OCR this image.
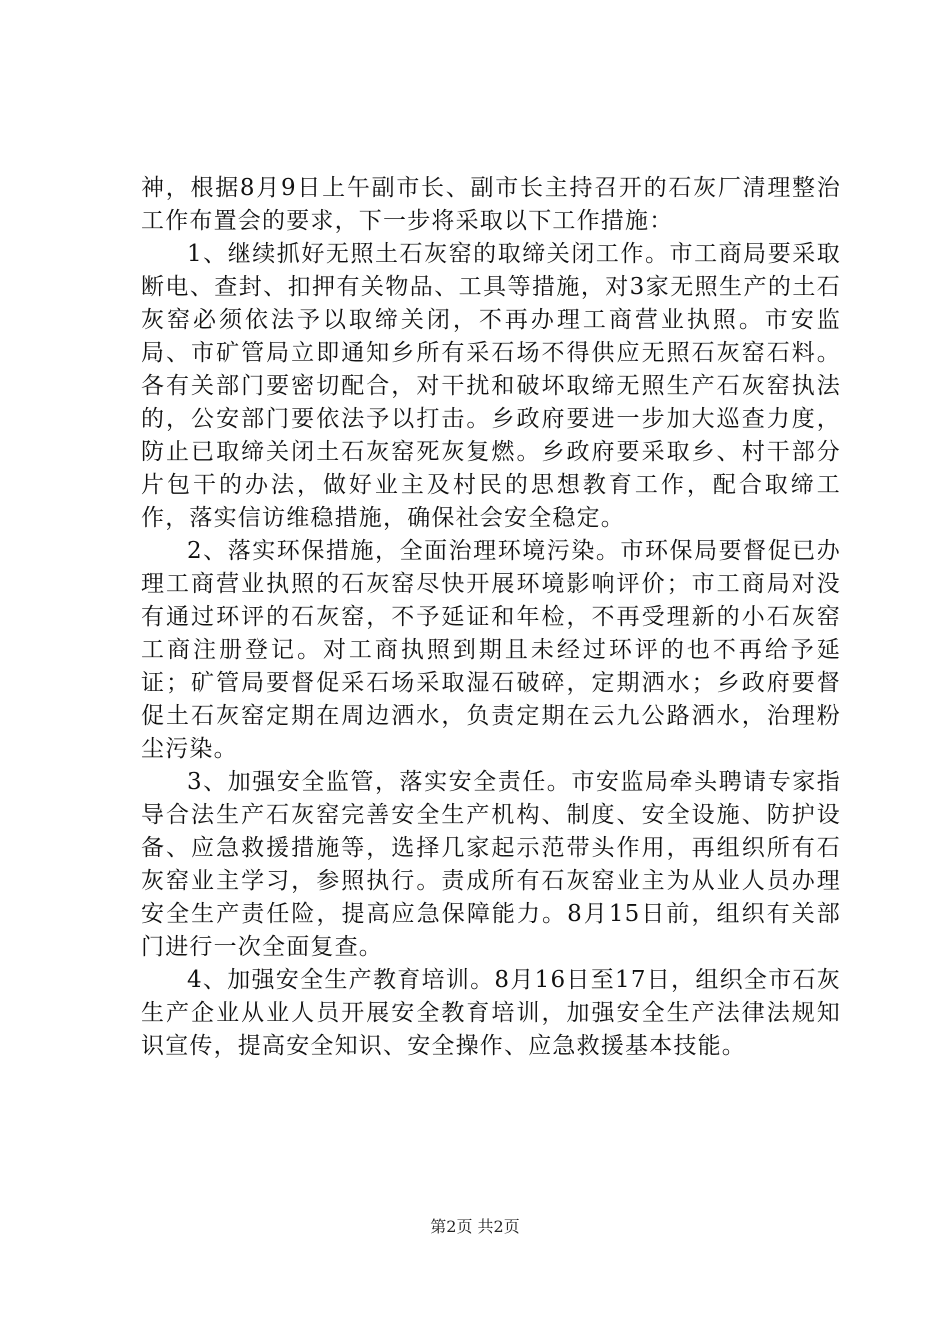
神，根据8月9日上午副市长、副市长主持召开的石灰厂清理整治工作布置会的要求，下一步将采取以下工作措施：

1、继续抓好无照土石灰窑的取缔关闭工作。市工商局要采取断电、查封、扣押有关物品、工具等措施，对3家无照生产的土石灰窑必须依法予以取缔关闭，不再办理工商营业执照。市安监局、市矿管局立即通知乡所有采石场不得供应无照石灰窑石料。各有关部门要密切配合，对干扰和破坏取缔无照生产石灰窑执法的，公安部门要依法予以打击。乡政府要进一步加大巡查力度，防止已取缔关闭土石灰窑死灰复燃。乡政府要采取乡、村干部分片包干的办法，做好业主及村民的思想教育工作，配合取缔工作，落实信访维稳措施，确保社会安全稳定。

2、落实环保措施，全面治理环境污染。市环保局要督促已办理工商营业执照的石灰窑尽快开展环境影响评价；市工商局对没有通过环评的石灰窑，不予延证和年检，不再受理新的小石灰窑工商注册登记。对工商执照到期且未经过环评的也不再给予延证；矿管局要督促采石场采取湿石破碎，定期洒水；乡政府要督促土石灰窑定期在周边洒水，负责定期在云九公路洒水，治理粉尘污染。

3、加强安全监管，落实安全责任。市安监局牵头聘请专家指导合法生产石灰窑完善安全生产机构、制度、安全设施、防护设备、应急救援措施等，选择几家起示范带头作用，再组织所有石灰窑业主学习，参照执行。责成所有石灰窑业主为从业人员办理安全生产责任险，提高应急保障能力。8月15日前，组织有关部门进行一次全面复查。

4、加强安全生产教育培训。8月16日至17日，组织全市石灰生产企业从业人员开展安全教育培训，加强安全生产法律法规知识宣传，提高安全知识、安全操作、应急救援基本技能。

第2页 共2页
